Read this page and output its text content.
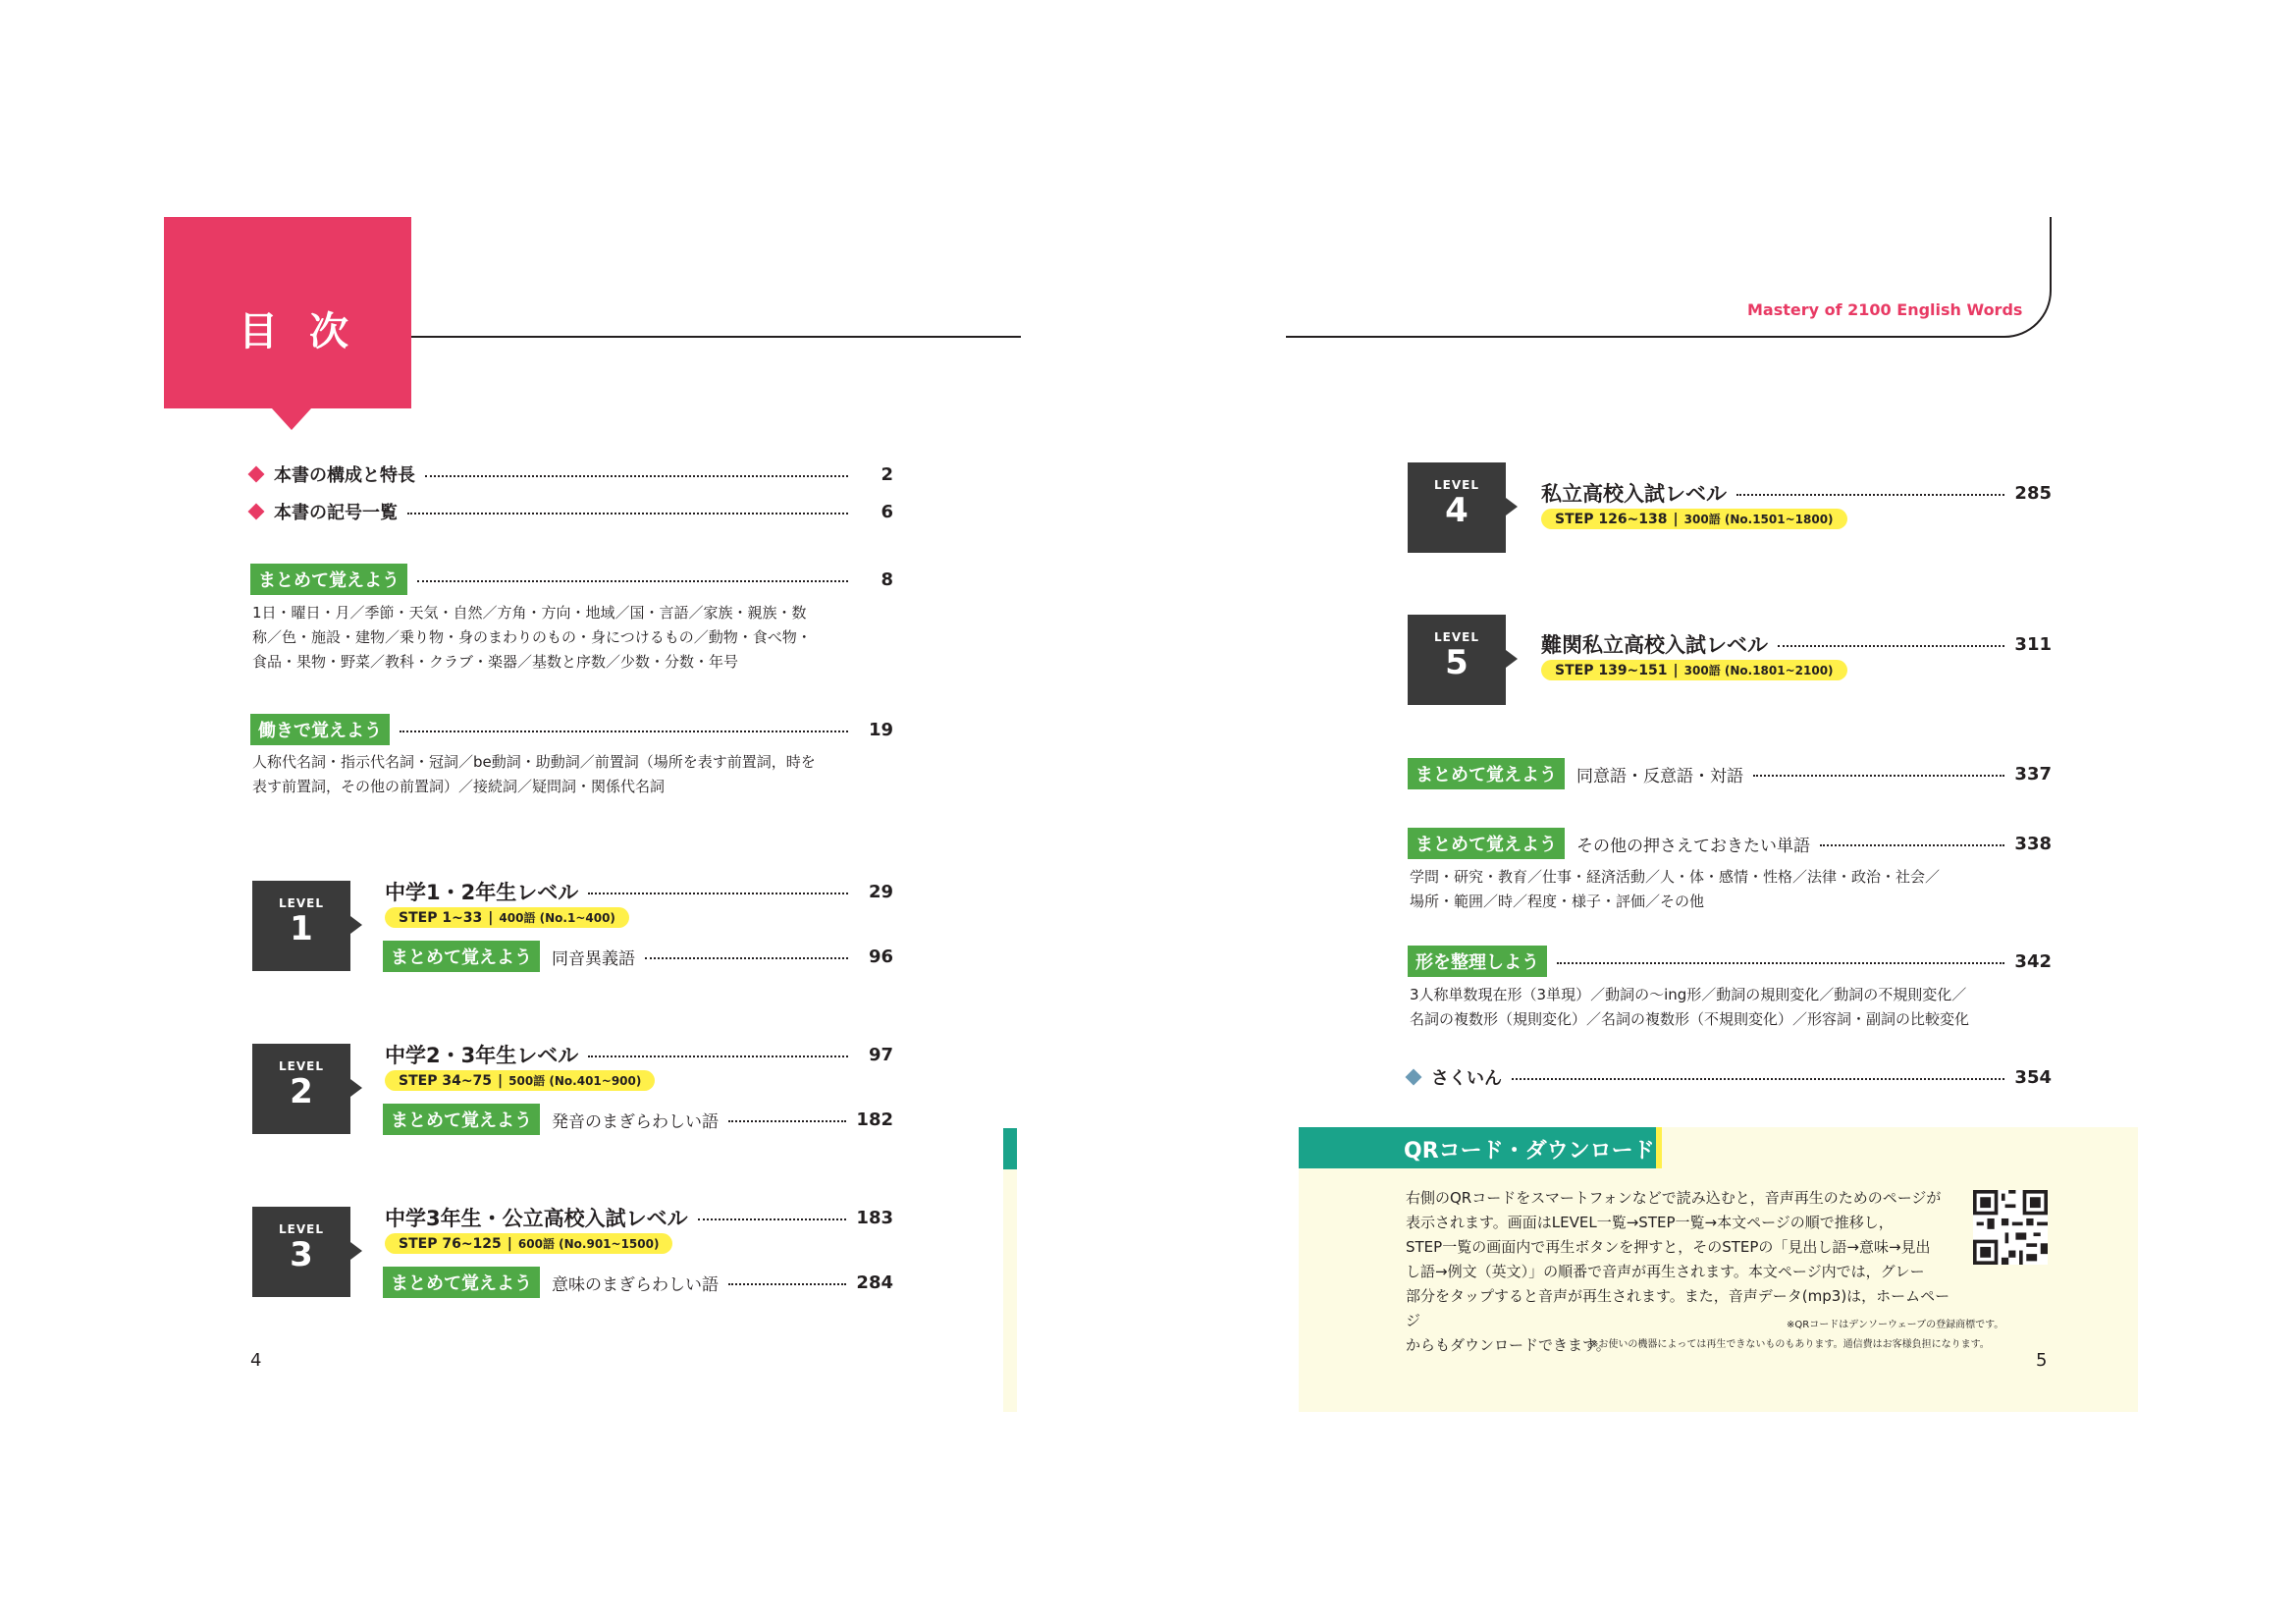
目次
本書の構成と特長	2
本書の記号一覧	6
まとめて覚えよう	8
1日・曜日・月／季節・天気・自然／方角・方向・地域／国・言語／家族・親族・数
称／色・施設・建物／乗り物・身のまわりのもの・身につけるもの／動物・食べ物・
食品・果物・野菜／教科・クラブ・楽器／基数と序数／少数・分数・年号
働きで覚えよう	19
人称代名詞・指示代名詞・冠詞／be動詞・助動詞／前置詞（場所を表す前置詞，時を
表す前置詞，その他の前置詞）／接続詞／疑問詞・関係代名詞
LEVEL
1
中学1・2年生レベル	29
STEP 1~33 | 400語 (No.1~400)
まとめて覚えよう	同音異義語	96
LEVEL
2
中学2・3年生レベル	97
STEP 34~75 | 500語 (No.401~900)
まとめて覚えよう	発音のまぎらわしい語	182
LEVEL
3
中学3年生・公立高校入試レベル	183
STEP 76~125 | 600語 (No.901~1500)
まとめて覚えよう	意味のまぎらわしい語	284
4
Mastery of 2100 English Words
LEVEL
4	私立高校入試レベル	285
STEP 126~138 | 300語 (No.1501~1800)
LEVEL
5	難関私立高校入試レベル	311
STEP 139~151 | 300語 (No.1801~2100)
まとめて覚えよう	同意語・反意語・対語	337
まとめて覚えよう	その他の押さえておきたい単語	338
学問・研究・教育／仕事・経済活動／人・体・感情・性格／法律・政治・社会／
場所・範囲／時／程度・様子・評価／その他
形を整理しよう	342
3人称単数現在形（3単現）／動詞の～ing形／動詞の規則変化／動詞の不規則変化／
名詞の複数形（規則変化）／名詞の複数形（不規則変化）／形容詞・副詞の比較変化
さくいん	354
QRコード・ダウンロード
右側のQRコードをスマートフォンなどで読み込むと，音声再生のためのページが
表示されます。画面はLEVEL一覧→STEP一覧→本文ページの順で推移し，
STEP一覧の画面内で再生ボタンを押すと，そのSTEPの「見出し語→意味→見出
し語→例文（英文）」の順番で音声が再生されます。本文ページ内では，グレー
部分をタップすると音声が再生されます。また，音声データ(mp3)は，ホームページ
からもダウンロードできます。
※QRコードはデンソーウェーブの登録商標です。
※お使いの機器によっては再生できないものもあります。通信費はお客様負担になります。
5
